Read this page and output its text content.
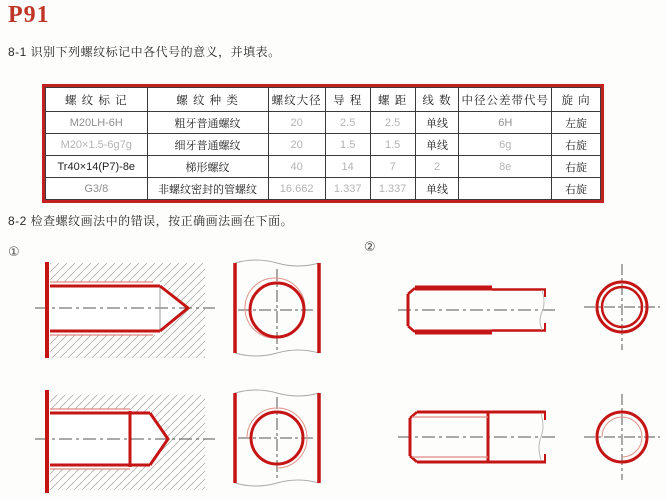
P91
8-1 识别下列螺纹标记中各代号的意义，并填表。
螺 纹 标 记	螺 纹 种 类	螺纹大径	导 程	螺 距	线 数	中径公差带代号	旋 向
M20LH-6H	粗牙普通螺纹	20	2.5	2.5	单线	6H	左旋
M20×1.5-6g7g	细牙普通螺纹	20	1.5	1.5	单线	6g	右旋
Tr40×14(P7)-8e	梯形螺纹	40	14	7	2	8e	右旋
G3/8	非螺纹密封的管螺纹	16.662	1.337	1.337	单线		右旋
8-2 检查螺纹画法中的错误，按正确画法画在下面。
①	②
